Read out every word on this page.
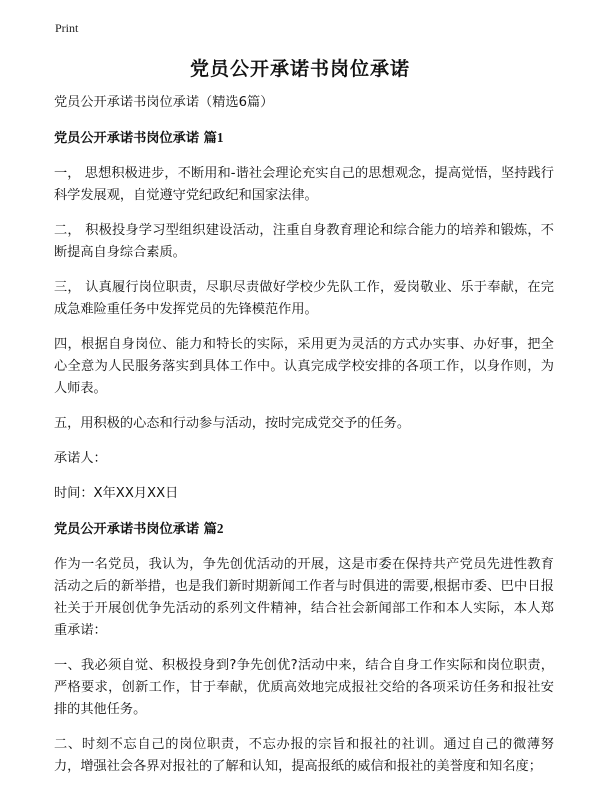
Print
党员公开承诺书岗位承诺

党员公开承诺书岗位承诺（精选6篇）

党员公开承诺书岗位承诺 篇1

一， 思想积极进步，不断用和-谐社会理论充实自己的思想观念，提高觉悟，坚持践行科学发展观，自觉遵守党纪政纪和国家法律。

二， 积极投身学习型组织建设活动，注重自身教育理论和综合能力的培养和锻炼，不断提高自身综合素质。

三， 认真履行岗位职责，尽职尽责做好学校少先队工作，爱岗敬业、乐于奉献，在完成急难险重任务中发挥党员的先锋模范作用。

四，根据自身岗位、能力和特长的实际，采用更为灵活的方式办实事、办好事，把全心全意为人民服务落实到具体工作中。认真完成学校安排的各项工作，以身作则，为人师表。

五，用积极的心态和行动参与活动，按时完成党交予的任务。

承诺人：

时间：X年XX月XX日

党员公开承诺书岗位承诺 篇2

作为一名党员，我认为，争先创优活动的开展，这是市委在保持共产党员先进性教育活动之后的新举措，也是我们新时期新闻工作者与时俱进的需要,根据市委、巴中日报社关于开展创优争先活动的系列文件精神，结合社会新闻部工作和本人实际，本人郑重承诺：

一、我必须自觉、积极投身到?争先创优?活动中来，结合自身工作实际和岗位职责，严格要求，创新工作，甘于奉献，优质高效地完成报社交给的各项采访任务和报社安排的其他任务。

二、时刻不忘自己的岗位职责，不忘办报的宗旨和报社的社训。通过自己的微薄努力，增强社会各界对报社的了解和认知，提高报纸的威信和报社的美誉度和知名度；
